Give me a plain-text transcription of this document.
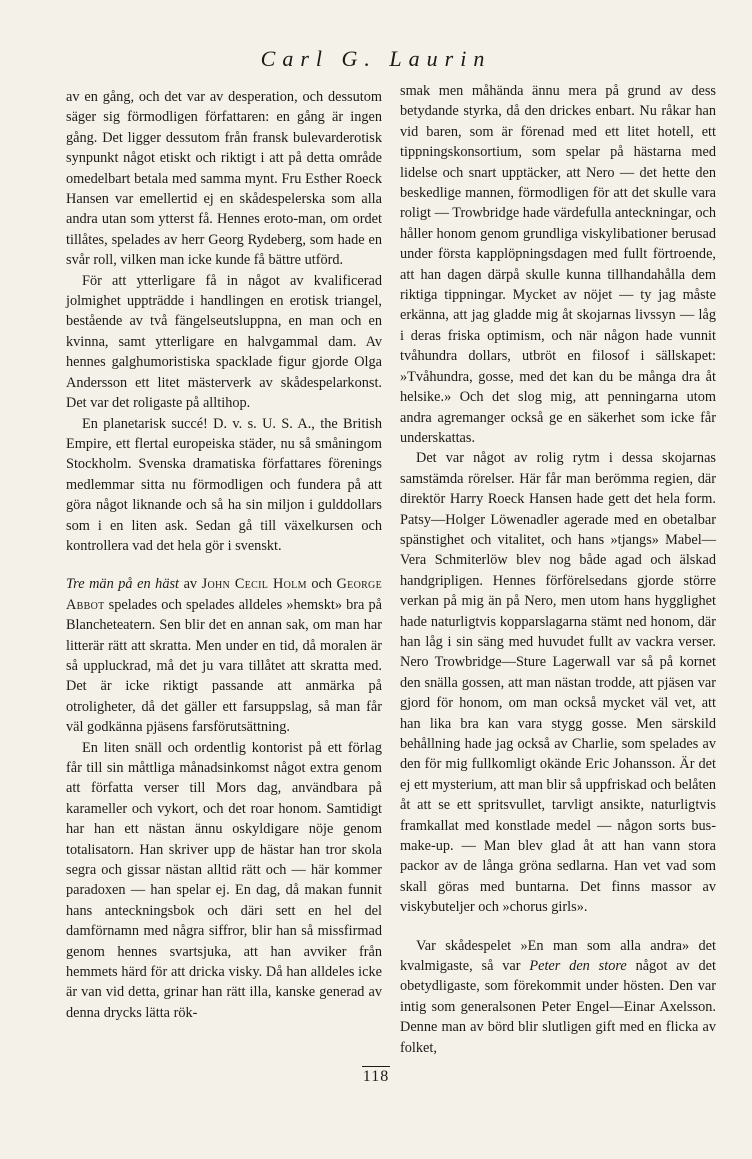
Carl G. Laurin

av en gång, och det var av desperation, och dessutom säger sig förmodligen författaren: en gång är ingen gång. Det ligger dessutom från fransk bulevarderotisk synpunkt något etiskt och riktigt i att på detta område omedelbart betala med samma mynt. Fru Esther Roeck Hansen var emellertid ej en skådespelerska som alla andra utan som ytterst få. Hennes eroto-man, om ordet tillåtes, spelades av herr Georg Rydeberg, som hade en svår roll, vilken man icke kunde få bättre utförd.

För att ytterligare få in något av kvalificerad jolmighet uppträdde i handlingen en erotisk triangel, bestående av två fängelseutsluppna, en man och en kvinna, samt ytterligare en halvgammal dam. Av hennes galghumoristiska spacklade figur gjorde Olga Andersson ett litet mästerverk av skådespelarkonst. Det var det roligaste på alltihop.

En planetarisk succé! D. v. s. U. S. A., the British Empire, ett flertal europeiska städer, nu så småningom Stockholm. Svenska dramatiska författares förenings medlemmar sitta nu förmodligen och fundera på att göra något liknande och så ha sin miljon i gulddollars som i en liten ask. Sedan gå till växelkursen och kontrollera vad det hela gör i svenskt.

Tre män på en häst av John Cecil Holm och George Abbot spelades och spelades alldeles »hemskt» bra på Blancheteatern. Sen blir det en annan sak, om man har litterär rätt att skratta. Men under en tid, då moralen är så uppluckrad, må det ju vara tillåtet att skratta med. Det är icke riktigt passande att anmärka på otroligheter, då det gäller ett farsuppslag, så man får väl godkänna pjäsens farsförutsättning.

En liten snäll och ordentlig kontorist på ett förlag får till sin måttliga månadsinkomst något extra genom att författa verser till Mors dag, användbara på karameller och vykort, och det roar honom. Samtidigt har han ett nästan ännu oskyldigare nöje genom totalisatorn. Han skriver upp de hästar han tror skola segra och gissar nästan alltid rätt och — här kommer paradoxen — han spelar ej. En dag, då makan funnit hans anteckningsbok och däri sett en hel del damförnamn med några siffror, blir han så missfirmad genom hennes svartsjuka, att han avviker från hemmets härd för att dricka visky. Då han alldeles icke är van vid detta, grinar han rätt illa, kanske generad av denna drycks lätta rök-

smak men måhända ännu mera på grund av dess betydande styrka, då den drickes enbart. Nu råkar han vid baren, som är förenad med ett litet hotell, ett tippningskonsortium, som spelar på hästarna med lidelse och snart upptäcker, att Nero — det hette den beskedlige mannen, förmodligen för att det skulle vara roligt — Trowbridge hade värdefulla anteckningar, och håller honom genom grundliga viskylibationer berusad under första kapplöpningsdagen med fullt förtroende, att han dagen därpå skulle kunna tillhandahålla dem riktiga tippningar. Mycket av nöjet — ty jag måste erkänna, att jag gladde mig åt skojarnas livssyn — låg i deras friska optimism, och när någon hade vunnit tvåhundra dollars, utbröt en filosof i sällskapet: »Tvåhundra, gosse, med det kan du be många dra åt helsike.» Och det slog mig, att penningarna utom andra agremanger också ge en säkerhet som icke får underskattas.

Det var något av rolig rytm i dessa skojarnas samstämda rörelser. Här får man berömma regien, där direktör Harry Roeck Hansen hade gett det hela form. Patsy—Holger Löwenadler agerade med en obetalbar spänstighet och vitalitet, och hans »tjangs» Mabel—Vera Schmiterlöw blev nog både agad och älskad handgripligen. Hennes förförelsedans gjorde större verkan på mig än på Nero, men utom hans hygglighet hade naturligtvis kopparslagarna stämt ned honom, där han låg i sin säng med huvudet fullt av vackra verser. Nero Trowbridge—Sture Lagerwall var så på kornet den snälla gossen, att man nästan trodde, att pjäsen var gjord för honom, om man också mycket väl vet, att han lika bra kan vara stygg gosse. Men särskild behållning hade jag också av Charlie, som spelades av den för mig fullkomligt okände Eric Johansson. Är det ej ett mysterium, att man blir så uppfriskad och belåten åt att se ett spritsvullet, tarvligt ansikte, naturligtvis framkallat med konstlade medel — någon sorts bus-make-up. — Man blev glad åt att han vann stora packor av de långa gröna sedlarna. Han vet vad som skall göras med buntarna. Det finns massor av viskybuteljer och »chorus girls».

Var skådespelet »En man som alla andra» det kvalmigaste, så var Peter den store något av det obetydligaste, som förekommit under hösten. Den var intig som generalsonen Peter Engel—Einar Axelsson. Denne man av börd blir slutligen gift med en flicka av folket,

118
